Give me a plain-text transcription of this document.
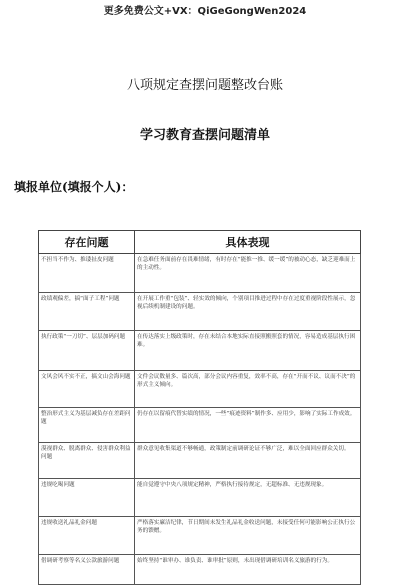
更多免费公文+VX：QiGeGongWen2024
八项规定查摆问题整改台账
学习教育查摆问题清单
填报单位(填报个人)：
存在问题	具体表现
不担当不作为、推诿扯皮问题	在急难任务面前存在畏难情绪，有时存在“能推一推、缓一缓”的被动心态，缺乏迎难而上的主动性。
政绩观偏差，搞“面子工程”问题	在开展工作重“包装”、轻实效的倾向，个别项目推进过程中存在过度重视阶段性展示，忽视后续机制建设的问题。
执行政策“一刀切”、层层加码问题	在传达落实上级政策时，存在未结合本地实际直接照搬照套的情况，容易造成基层执行困难。
文风会风不实不正，搞文山会海问题	文件会议数量多、篇次高，部分会议内容重复，效率不高，存在“开而不议、议而不决”的形式主义倾向。
整治形式主义为基层减负存在差距问题	仍存在以留痕代替实绩的情况，一些“痕迹资料”制作多、应用少，影响了实际工作成效。
漠视群众、脱离群众、侵害群众利益问题	群众意见收集渠道不够畅通，政策制定前调研论证不够广泛，难以全面回应群众关切。
违规吃喝问题	能自觉遵守中央八项规定精神，严格执行接待规定，无超标准、无违规现象。
违规收送礼品礼金问题	严格落实廉洁纪律，节日期间未发生礼品礼金收送问题，未接受任何可能影响公正执行公务的馈赠。
借调研考察等名义公款旅游问题	始终坚持“谁审办、谁负责、谁审批”原则，未出现借调研培训名义旅游的行为。
